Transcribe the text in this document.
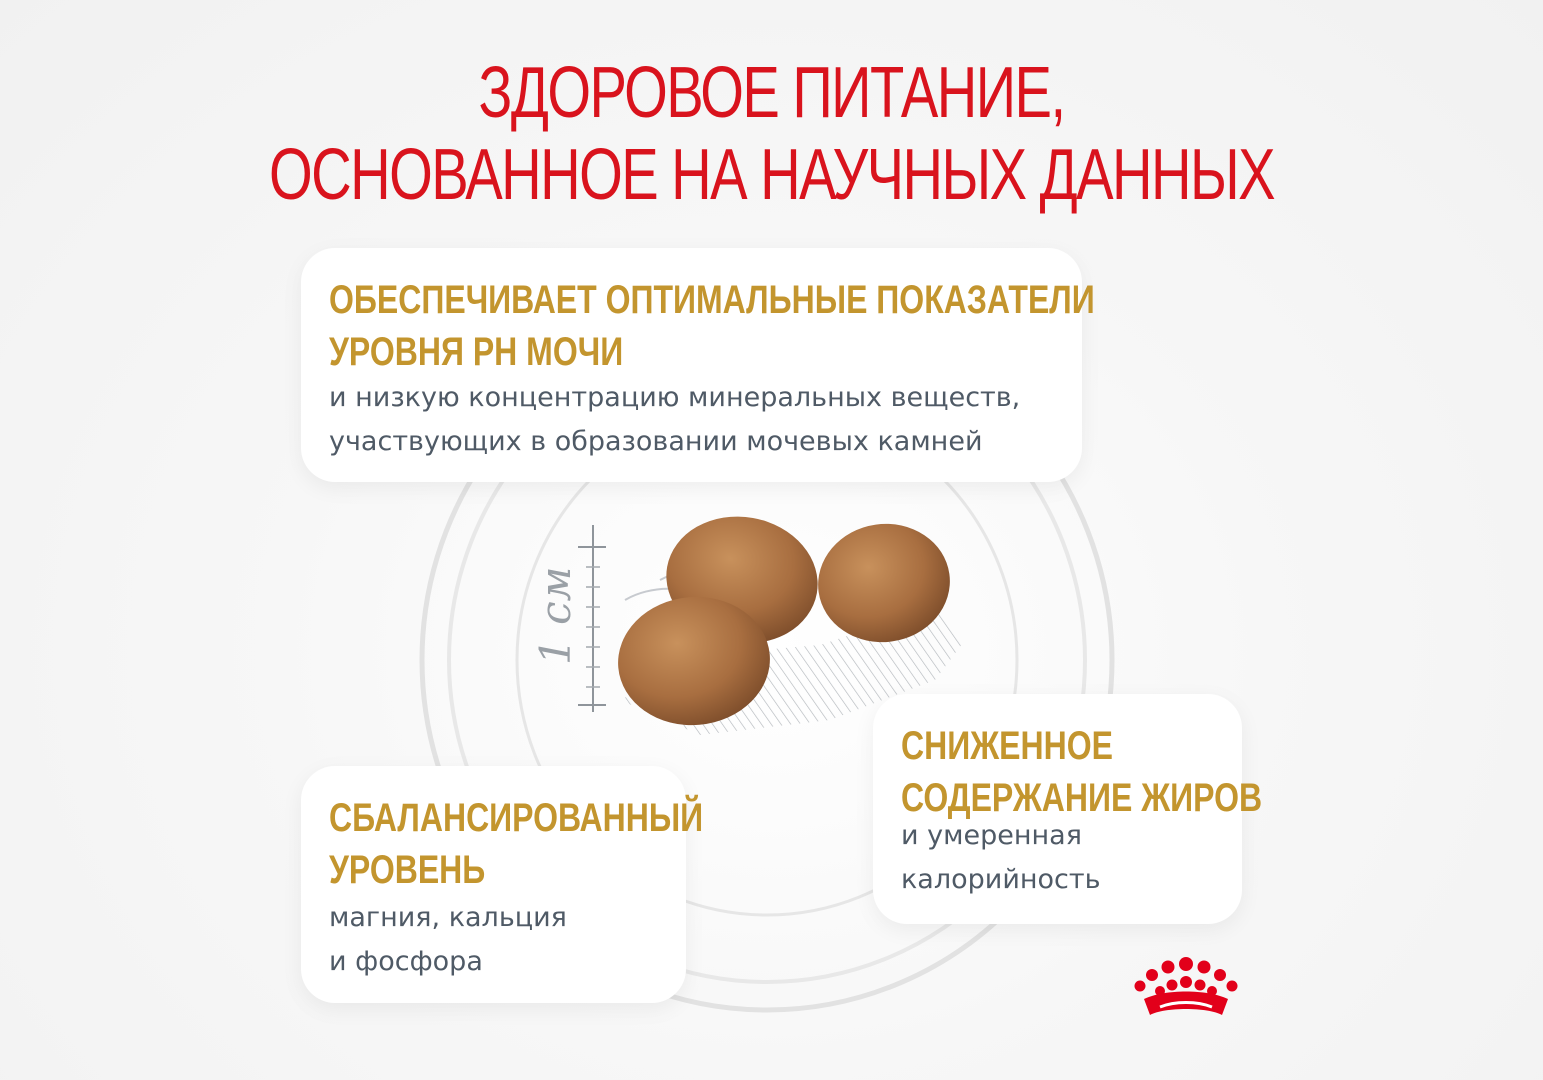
ЗДОРОВОЕ ПИТАНИЕ,
ОСНОВАННОЕ НА НАУЧНЫХ ДАННЫХ
1 см
ОБЕСПЕЧИВАЕТ ОПТИМАЛЬНЫЕ ПОКАЗАТЕЛИ
УРОВНЯ PH МОЧИ
и низкую концентрацию минеральных веществ,
участвующих в образовании мочевых камней
СНИЖЕННОЕ
СОДЕРЖАНИЕ ЖИРОВ
и умеренная
калорийность
СБАЛАНСИРОВАННЫЙ
УРОВЕНЬ
магния, кальция
и фосфора
